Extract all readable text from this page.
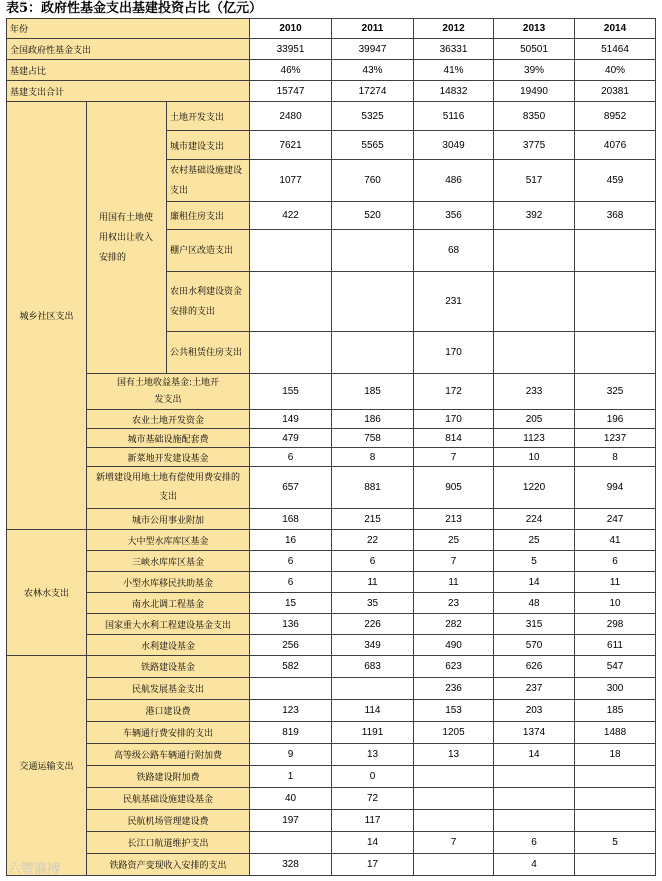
表5：政府性基金支出基建投资占比（亿元）
年份			2010	2011	2012	2013	2014
全国政府性基金支出			33951	39947	36331	50501	51464
基建占比			46%	43%	41%	39%	40%
基建支出合计			15747	17274	14832	19490	20381
城乡社区支出	用国有土地使用权出让收入安排的	土地开发支出	2480	5325	5116	8350	8952
		城市建设支出	7621	5565	3049	3775	4076
		农村基础设施建设支出	1077	760	486	517	459
		廉租住房支出	422	520	356	392	368
		棚户区改造支出			68		
		农田水利建设资金安排的支出			231		
		公共租赁住房支出			170		
	国有土地收益基金:土地开发支出		155	185	172	233	325
	农业土地开发资金		149	186	170	205	196
	城市基础设施配套费		479	758	814	1123	1237
	新菜地开发建设基金		6	8	7	10	8
	新增建设用地土地有偿使用费安排的支出		657	881	905	1220	994
	城市公用事业附加		168	215	213	224	247
农林水支出	大中型水库库区基金		16	22	25	25	41
	三峡水库库区基金		6	6	7	5	6
	小型水库移民扶助基金		6	11	11	14	11
	南水北调工程基金		15	35	23	48	10
	国家重大水利工程建设基金支出		136	226	282	315	298
	水利建设基金		256	349	490	570	611
交通运输支出	铁路建设基金		582	683	623	626	547
	民航发展基金支出				236	237	300
	港口建设费		123	114	153	203	185
	车辆通行费安排的支出		819	1191	1205	1374	1488
	高等级公路车辆通行附加费		9	13	13	14	18
	铁路建设附加费		1	0			
	民航基础设施建设基金		40	72			
	民航机场管理建设费		197	117			
	长江口航道维护支出			14	7	6	5
	铁路资产变现收入安排的支出		328	17		4	
六豐瀛搏
